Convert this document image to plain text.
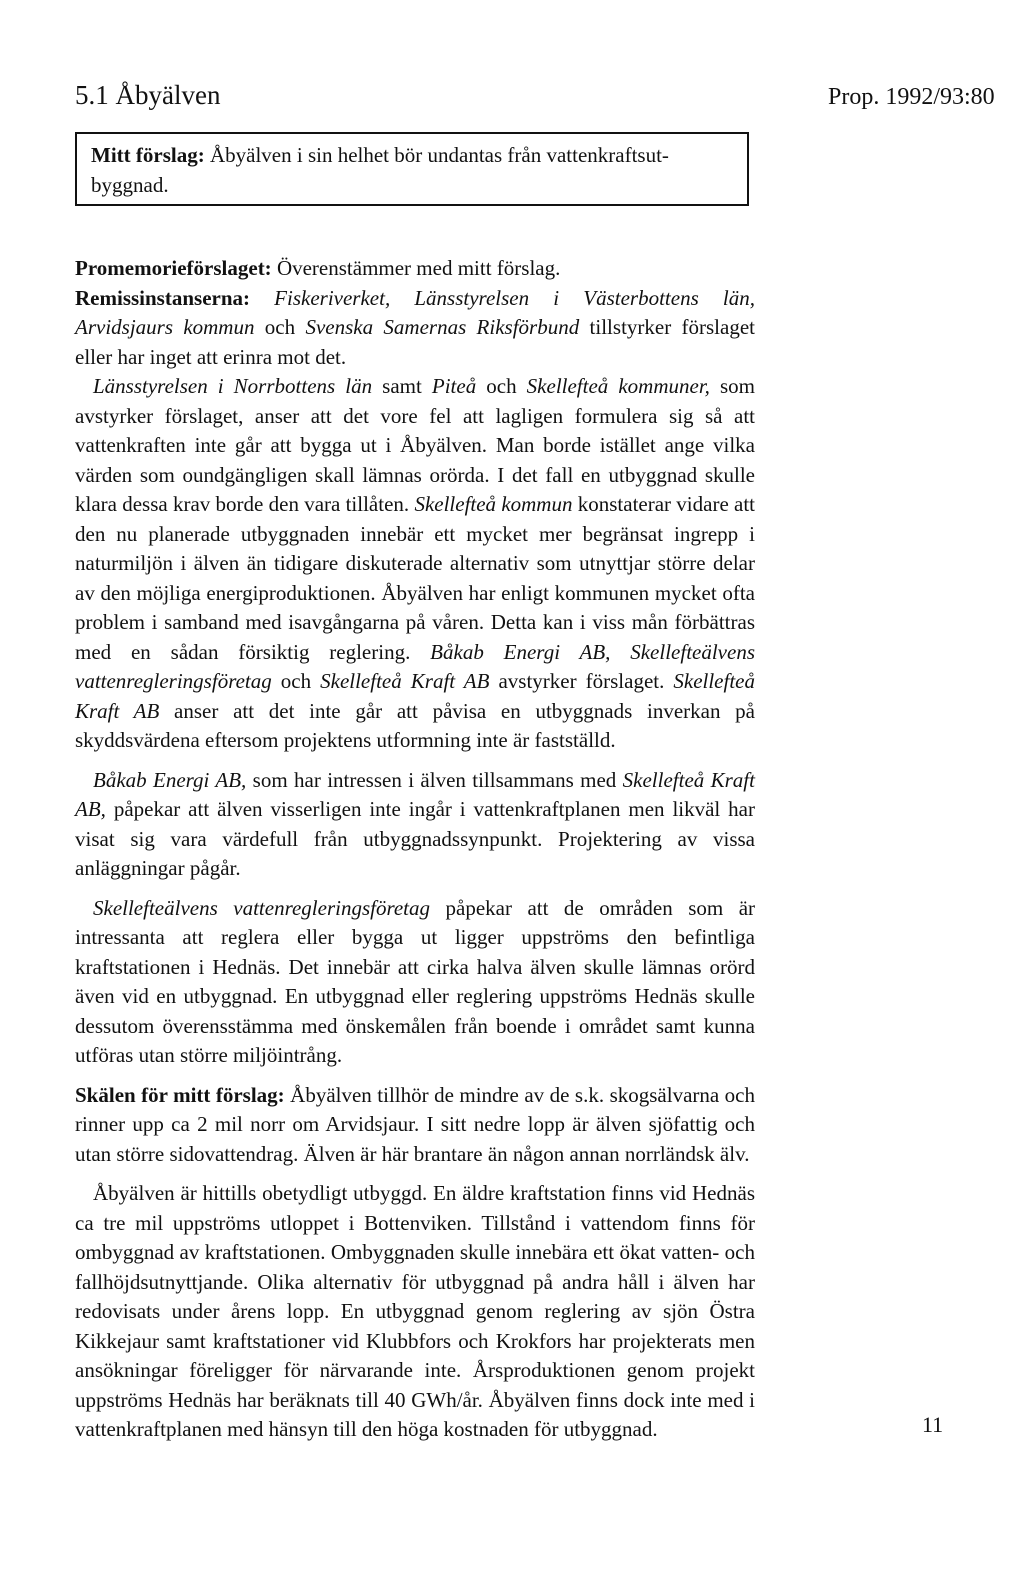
5.1 Åbyälven	Prop. 1992/93:80
Mitt förslag: Åbyälven i sin helhet bör undantas från vattenkraftsut-byggnad.

Promemorieförslaget: Överenstämmer med mitt förslag.

Remissinstanserna: Fiskeriverket, Länsstyrelsen i Västerbottens län, Arvidsjaurs kommun och Svenska Samernas Riksförbund tillstyrker förslaget eller har inget att erinra mot det.

Länsstyrelsen i Norrbottens län samt Piteå och Skellefteå kommuner, som avstyrker förslaget, anser att det vore fel att lagligen formulera sig så att vattenkraften inte går att bygga ut i Åbyälven. Man borde istället ange vilka värden som oundgängligen skall lämnas orörda. I det fall en utbyggnad skulle klara dessa krav borde den vara tillåten. Skellefteå kommun konstaterar vidare att den nu planerade utbyggnaden innebär ett mycket mer begränsat ingrepp i naturmiljön i älven än tidigare diskuterade alternativ som utnyttjar större delar av den möjliga energiproduktionen. Åbyälven har enligt kommunen mycket ofta problem i samband med isavgångarna på våren. Detta kan i viss mån förbättras med en sådan försiktig reglering. Båkab Energi AB, Skellefteälvens vattenregleringsföretag och Skellefteå Kraft AB avstyrker förslaget. Skellefteå Kraft AB anser att det inte går att påvisa en utbyggnads inverkan på skyddsvärdena eftersom projektens utformning inte är fastställd.

Båkab Energi AB, som har intressen i älven tillsammans med Skellefteå Kraft AB, påpekar att älven visserligen inte ingår i vattenkraftplanen men likväl har visat sig vara värdefull från utbyggnadssynpunkt. Projektering av vissa anläggningar pågår.

Skellefteälvens vattenregleringsföretag påpekar att de områden som är intressanta att reglera eller bygga ut ligger uppströms den befintliga kraftstationen i Hednäs. Det innebär att cirka halva älven skulle lämnas orörd även vid en utbyggnad. En utbyggnad eller reglering uppströms Hednäs skulle dessutom överensstämma med önskemålen från boende i området samt kunna utföras utan större miljöintrång.

Skälen för mitt förslag: Åbyälven tillhör de mindre av de s.k. skogsälvarna och rinner upp ca 2 mil norr om Arvidsjaur. I sitt nedre lopp är älven sjöfattig och utan större sidovattendrag. Älven är här brantare än någon annan norrländsk älv.

Åbyälven är hittills obetydligt utbyggd. En äldre kraftstation finns vid Hednäs ca tre mil uppströms utloppet i Bottenviken. Tillstånd i vattendom finns för ombyggnad av kraftstationen. Ombyggnaden skulle innebära ett ökat vatten- och fallhöjdsutnyttjande. Olika alternativ för utbyggnad på andra håll i älven har redovisats under årens lopp. En utbyggnad genom reglering av sjön Östra Kikkejaur samt kraftstationer vid Klubbfors och Krokfors har projekterats men ansökningar föreligger för närvarande inte. Årsproduktionen genom projekt uppströms Hednäs har beräknats till 40 GWh/år. Åbyälven finns dock inte med i vattenkraftplanen med hänsyn till den höga kostnaden för utbyggnad.	11
